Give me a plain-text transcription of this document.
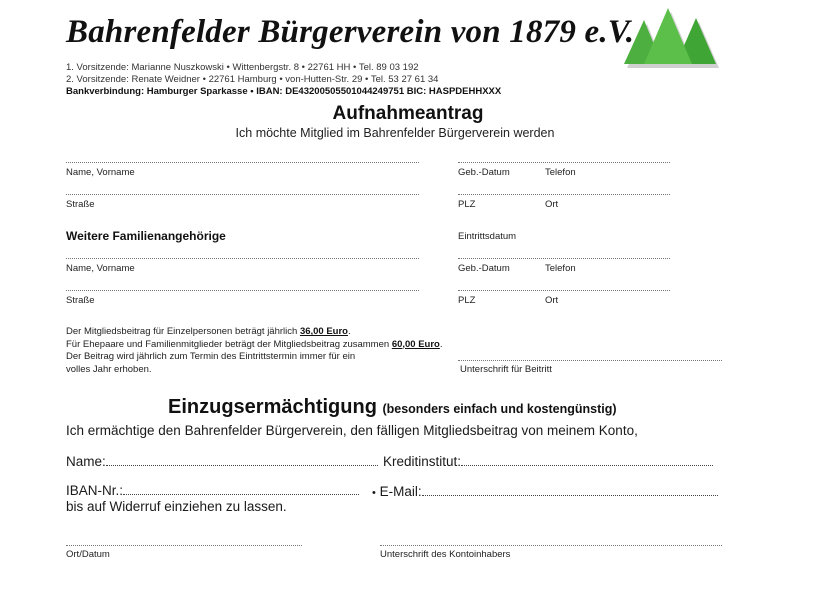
Bahrenfelder Bürgerverein von 1879 e.V.
1. Vorsitzende: Marianne Nuszkowski • Wittenbergstr. 8 • 22761 HH • Tel. 89 03 192
2. Vorsitzende: Renate Weidner • 22761 Hamburg • von-Hutten-Str. 29 • Tel. 53 27 61 34
Bankverbindung: Hamburger Sparkasse • IBAN: DE43200505501044249751 BIC: HASPDEHHXXX
Aufnahmeantrag
Ich möchte Mitglied im Bahrenfelder Bürgerverein werden
Name, Vorname	Geb.-Datum	Telefon
Straße	PLZ	Ort
Weitere Familienangehörige	Eintrittsdatum
Name, Vorname	Geb.-Datum	Telefon
Straße	PLZ	Ort
Der Mitgliedsbeitrag für Einzelpersonen beträgt jährlich 36,00 Euro.
Für Ehepaare und Familienmitglieder beträgt der Mitgliedsbeitrag zusammen 60,00 Euro.
Der Beitrag wird jährlich zum Termin des Eintrittstermin immer für ein
volles Jahr erhoben.	Unterschrift für Beitritt
Einzugsermächtigung (besonders einfach und kostengünstig)
Ich ermächtige den Bahrenfelder Bürgerverein, den fälligen Mitgliedsbeitrag von meinem Konto,
Name:	Kreditinstitut:
IBAN-Nr.:	• E-Mail:
bis auf Widerruf einziehen zu lassen.
Ort/Datum	Unterschrift des Kontoinhabers
